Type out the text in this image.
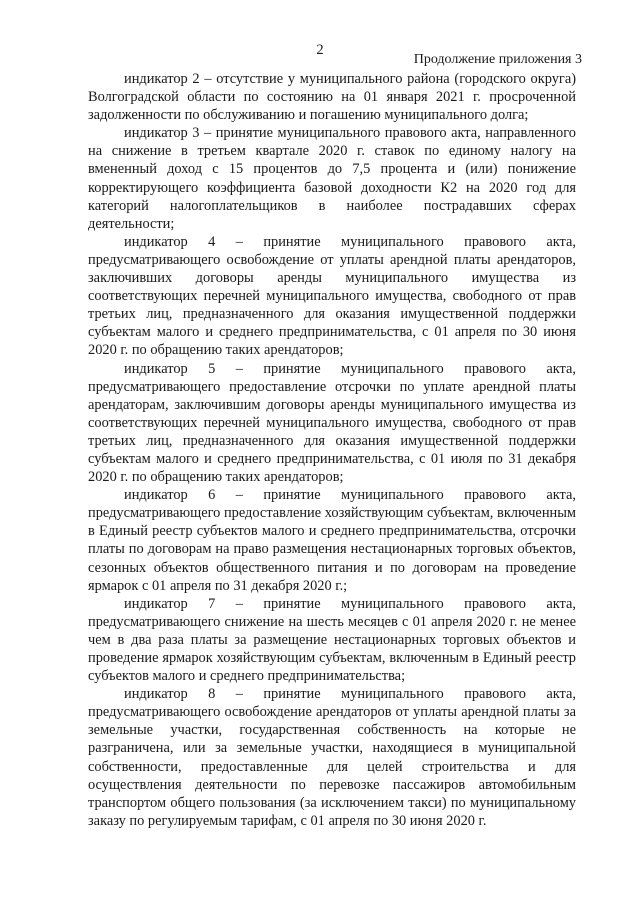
2
Продолжение приложения 3

индикатор 2 – отсутствие у муниципального района (городского округа) Волгоградской области по состоянию на 01 января 2021 г. просроченной задолженности по обслуживанию и погашению муниципального долга;

индикатор 3 – принятие муниципального правового акта, направленного на снижение в третьем квартале 2020 г. ставок по единому налогу на вмененный доход с 15 процентов до 7,5 процента и (или) понижение корректирующего коэффициента базовой доходности К2 на 2020 год для категорий налогоплательщиков в наиболее пострадавших сферах деятельности;

индикатор 4 – принятие муниципального правового акта, предусматривающего освобождение от уплаты арендной платы арендаторов, заключивших договоры аренды муниципального имущества из соответствующих перечней муниципального имущества, свободного от прав третьих лиц, предназначенного для оказания имущественной поддержки субъектам малого и среднего предпринимательства, с 01 апреля по 30 июня 2020 г. по обращению таких арендаторов;

индикатор 5 – принятие муниципального правового акта, предусматривающего предоставление отсрочки по уплате арендной платы арендаторам, заключившим договоры аренды муниципального имущества из соответствующих перечней муниципального имущества, свободного от прав третьих лиц, предназначенного для оказания имущественной поддержки субъектам малого и среднего предпринимательства, с 01 июля по 31 декабря 2020 г. по обращению таких арендаторов;

индикатор 6 – принятие муниципального правового акта, предусматривающего предоставление хозяйствующим субъектам, включенным в Единый реестр субъектов малого и среднего предпринимательства, отсрочки платы по договорам на право размещения нестационарных торговых объектов, сезонных объектов общественного питания и по договорам на проведение ярмарок с 01 апреля по 31 декабря 2020 г.;

индикатор 7 – принятие муниципального правового акта, предусматривающего снижение на шесть месяцев с 01 апреля 2020 г. не менее чем в два раза платы за размещение нестационарных торговых объектов и проведение ярмарок хозяйствующим субъектам, включенным в Единый реестр субъектов малого и среднего предпринимательства;

индикатор 8 – принятие муниципального правового акта, предусматривающего освобождение арендаторов от уплаты арендной платы за земельные участки, государственная собственность на которые не разграничена, или за земельные участки, находящиеся в муниципальной собственности, предоставленные для целей строительства и для осуществления деятельности по перевозке пассажиров автомобильным транспортом общего пользования (за исключением такси) по муниципальному заказу по регулируемым тарифам, с 01 апреля по 30 июня 2020 г.
